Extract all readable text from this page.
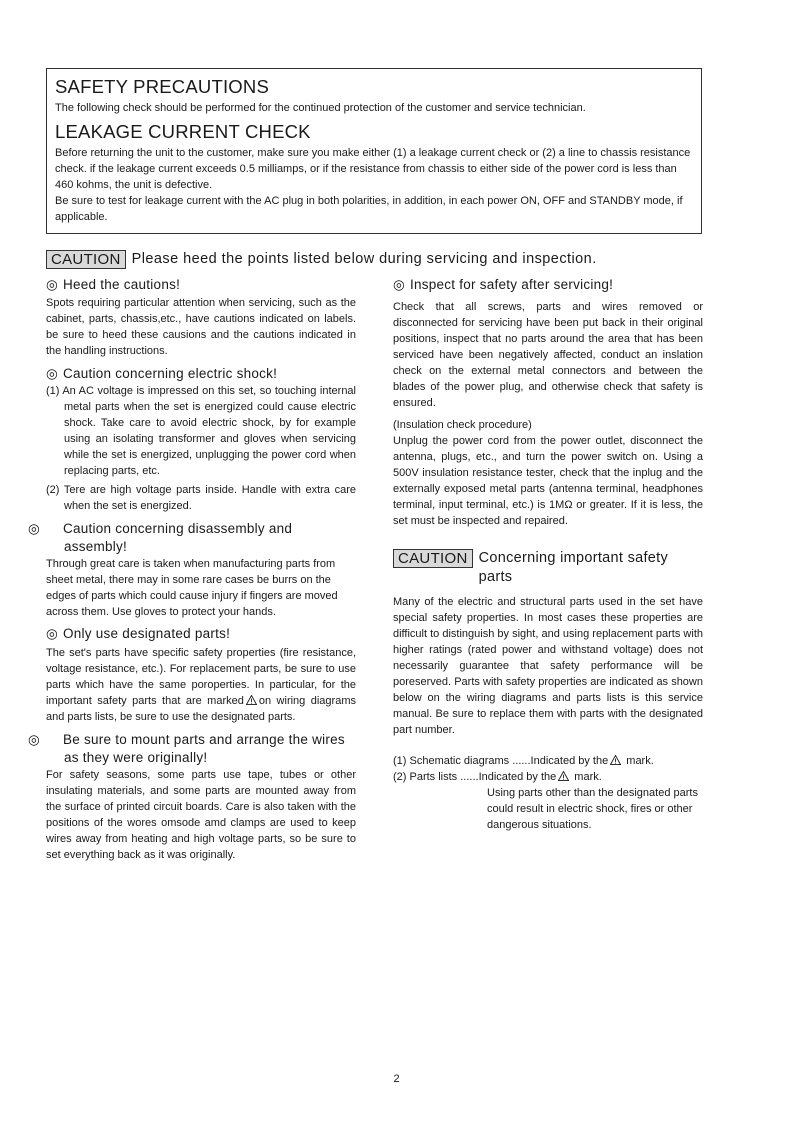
SAFETY PRECAUTIONS

The following check should be performed for the continued protection of the customer and service technician.

LEAKAGE CURRENT CHECK

Before returning the unit to the customer, make sure you make either (1) a leakage current check or (2) a line to chassis resistance check. if the leakage current exceeds 0.5 milliamps, or if the resistance from chassis to either side of the power cord is less than 460 kohms, the unit is defective.

Be sure to test for leakage current with the AC plug in both polarities, in addition, in each power ON, OFF and STANDBY mode, if applicable.

CAUTION Please heed the points listed below during servicing and inspection.

◎ Heed the cautions!

Spots requiring particular attention when servicing, such as the cabinet, parts, chassis,etc., have cautions indicated on labels. be sure to heed these causions and the cautions indicated in the handling instructions.

◎ Caution concerning electric shock!

(1) An AC voltage is impressed on this set, so touching internal metal parts when the set is energized could cause electric shock. Take care to avoid electric shock, by for example using an isolating transformer and gloves when servicing while the set is energized, unplugging the power cord when replacing parts, etc.

(2) Tere are high voltage parts inside. Handle with extra care when the set is energized.

◎ Caution concerning disassembly and assembly!

Through great care is taken when manufacturing parts from sheet metal, there may in some rare cases be burrs on the edges of parts which could cause injury if fingers are moved across them. Use gloves to protect your hands.

◎ Only use designated parts!

The set's parts have specific safety properties (fire resistance, voltage resistance, etc.). For replacement parts, be sure to use parts which have the same poroperties. In particular, for the important safety parts that are marked on wiring diagrams and parts lists, be sure to use the designated parts.

◎ Be sure to mount parts and arrange the wires as they were originally!

For safety seasons, some parts use tape, tubes or other insulating materials, and some parts are mounted away from the surface of printed circuit boards. Care is also taken with the positions of the wores omsode amd clamps are used to keep wires away from heating and high voltage parts, so be sure to set everything back as it was originally.

◎ Inspect for safety after servicing!

Check that all screws, parts and wires removed or disconnected for servicing have been put back in their original positions, inspect that no parts around the area that has been serviced have been negatively affected, conduct an inslation check on the external metal connectors and between the blades of the power plug, and otherwise check that safety is ensured.

(Insulation check procedure)

Unplug the power cord from the power outlet, disconnect the antenna, plugs, etc., and turn the power switch on. Using a 500V insulation resistance tester, check that the inplug and the externally exposed metal parts (antenna terminal, headphones terminal, input terminal, etc.) is 1MΩ or greater. If it is less, the set must be inspected and repaired.

CAUTION Concerning important safety parts

Many of the electric and structural parts used in the set have special safety properties. In most cases these properties are difficult to distinguish by sight, and using replacement parts with higher ratings (rated power and withstand voltage) does not necessarily guarantee that safety performance will be poreserved. Parts with safety properties are indicated as shown below on the wiring diagrams and parts lists is this service manual. Be sure to replace them with parts with the designated part number.

(1) Schematic diagrams ......Indicated by the mark.

(2) Parts lists ......Indicated by the mark.

Using parts other than the designated parts could result in electric shock, fires or other dangerous situations.

2
